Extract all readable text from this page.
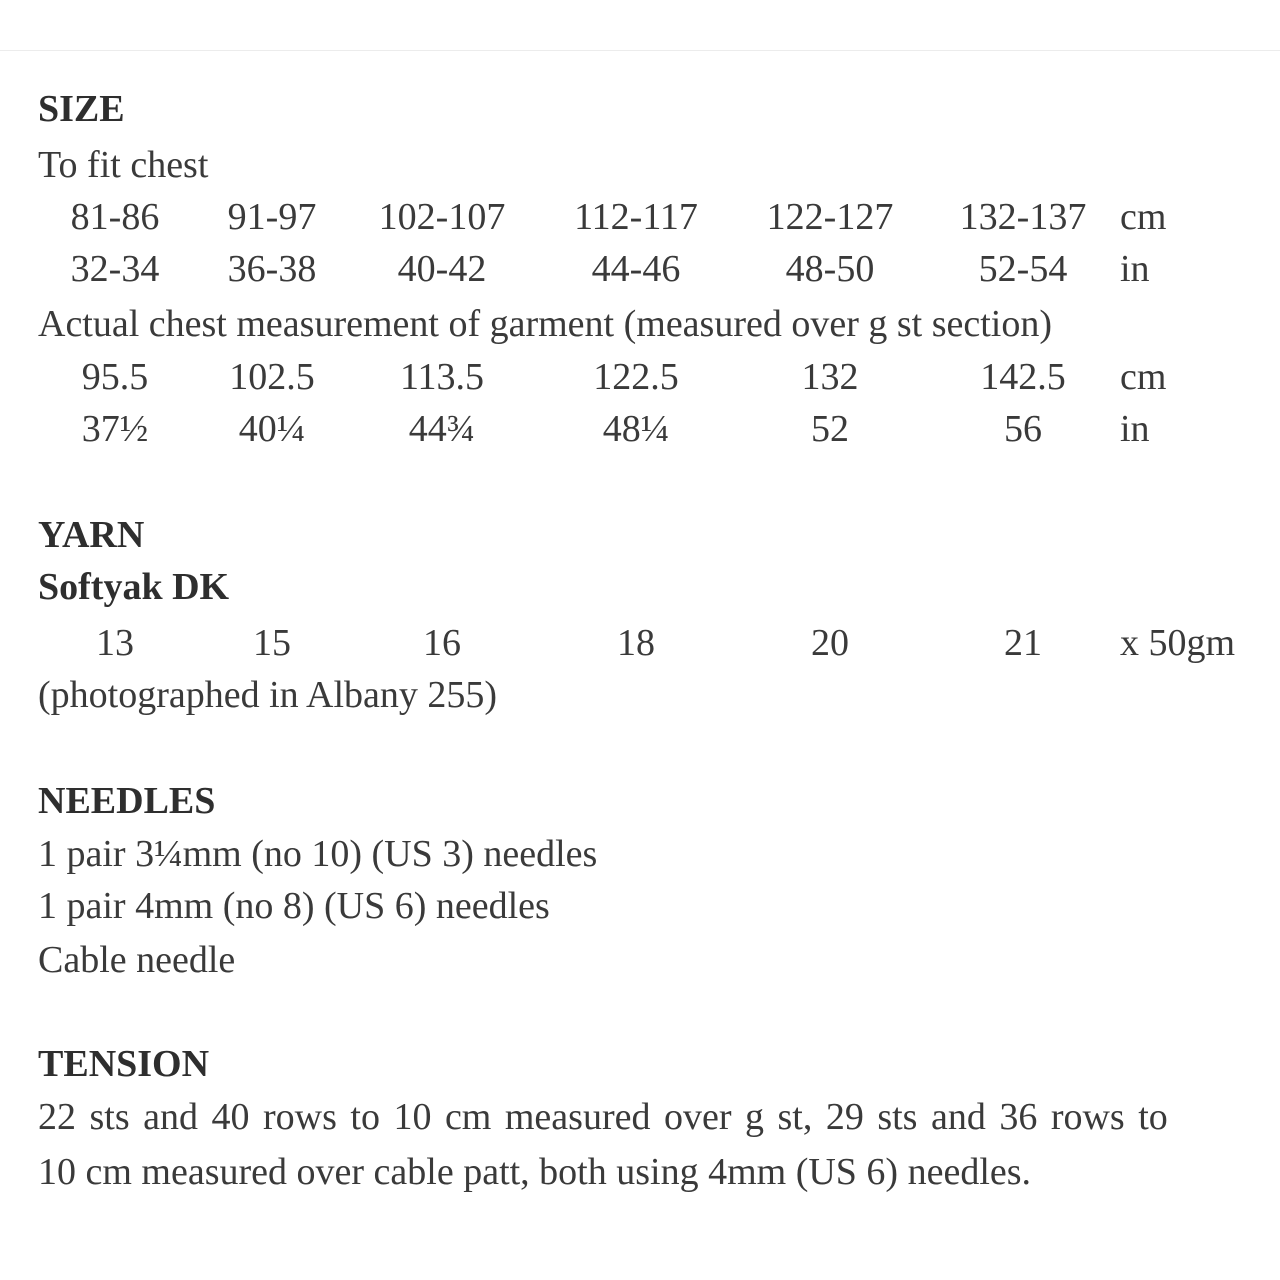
SIZE
To fit chest
81-86 91-97 102-107 112-117 122-127 132-137 cm
32-34 36-38 40-42	44-46	48-50	52-54 in
Actual chest measurement of garment (measured over g st section)
95.5 102.5 113.5	122.5	132	142.5 cm
37½ 40¼	44¾	48¼	52	56 in
YARN
Softyak DK
13	15	16	18	20	21 x 50gm
(photographed in Albany 255)
NEEDLES
1 pair 3¼mm (no 10) (US 3) needles
1 pair 4mm (no 8) (US 6) needles
Cable needle
TENSION
22 sts and 40 rows to 10 cm measured over g st, 29 sts and 36 rows to
10 cm measured over cable patt, both using 4mm (US 6) needles.
